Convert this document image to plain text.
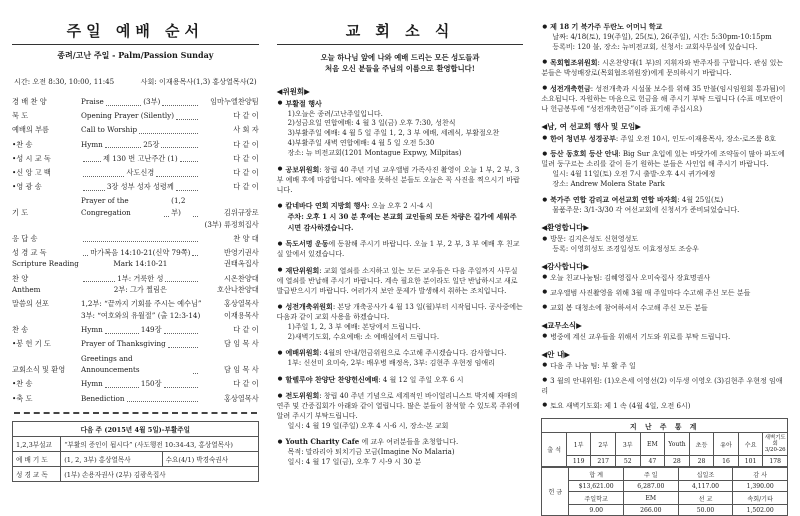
주일 예배 순서
종려/고난 주일 - Palm/Passion Sunday
시간: 오전 8:30, 10:00, 11:45	사회: 이재용목사(1,3) 홍상열목사(2)
경 배 찬 양	Praise	(3부)	임마누엘찬양팀
묵 도	Opening Prayer (Silently)	다 같 이
예배의 부름	Call to Worship	사 회 자
•찬 송	Hymn	25장	다 같 이
•성 시 교 독	제 130 번 고난주간 (1)	다 같 이
•신 앙 고 백	사도신경	다 같 이
•영 광 송	3장 성부 성자 성령께	다 같 이
기 도
Prayer of the Congregation
(1,2부)	김위규장로

(3부) 류정희집사
응 답 송	찬 양 대
성 경 교 독	마가복음 14:10-21(신약 79쪽)	반영기권사
Scripture Reading	Mark 14:10-21	권태옥집사
찬 양	1부: 거룩한 성	시온찬양대
Anthem	2부: 그가 찔림은	호산나찬양대
말씀의 선포	1,2부: “끝까지 기회를 주시는 예수님”	홍상열목사

3부: “여호와의 유월절” (출 12:3-14)	이재용목사
찬 송	Hymn	149장	다 같 이
•봉 헌 기 도	Prayer of Thanksgiving	담 임 목 사
교회소식 및 환영
Greetings and Announcements	담 임 목 사
•찬 송	Hymn	150장	다 같 이
•축 도	Benediction	홍상열목사
다음 주 (2015년 4월 5일)-부활주일		
1,2,3부설교	“부활의 증인이 됩시다” (사도행전 10:34-43, 홍상열목사)	
예 배 기 도	(1, 2, 3부) 홍상열목사	수요(4/1) 박경숙권사
성 경 교 독	(1부) 손용자권사 (2부) 김광옥집사	
교 회 소 식
오늘 하나님 앞에 나와 예배 드리는 모든 성도들과
처음 오신 분들을 주님의 이름으로 환영합니다!
◀위원회▶
● 부활절 행사
1)오늘은 종려/고난주일입니다.
2)성금요일 연합예배: 4 월 3 일(금) 오후 7:30, 성찬식
3)부활주일 예배: 4 월 5 일 주일 1, 2, 3 부 예배, 세례식, 부활절오찬
4)부활주일 새벽 연합예배: 4 월 5 일 오전 5:30
장소: 뉴 비전교회(1201 Montague Expwy, Milpitas)
● 공보위원회: 창립 40 주년 기념 교우앨범 가족사진 촬영이 오늘 1 부, 2 부, 3 부 예배 후에 마감합니다. 예약을 못하신 분들도 오늘은 꼭 사진을 찍으시기 바랍니다.
● 칼네바다 연회 지방회 행사: 오늘 오후 2 시-4 시
주차: 오후 1 시 30 분 후에는 본교회 교인들의 모든 차량은 길가에 세워주시면 감사하겠습니다.
● 독도서명 운동에 동참해 주시기 바랍니다. 오늘 1 부, 2 부, 3 부 예배 후 친교실 앞에서 있겠습니다.
● 재단위원회: 교회 열쇠를 소지하고 있는 모든 교우들은 다음 주일까지 사무실에 열쇠를 반납해 주시기 바랍니다. 계속 필요한 분이라도 일단 반납하시고 새로 발급받으시기 바랍니다. 여러가지 보안 문제가 발생해서 취하는 조치입니다.
● 성전개축위원회: 본당 개축공사가 4 월 13 일(월)부터 시작됩니다. 공사중에는 다음과 같이 교회 사용을 하겠습니다.
1)주일 1, 2, 3 부 예배: 본당에서 드립니다.
2)새벽기도회, 수요예배: 소 예배실에서 드립니다.
● 예배위원회: 4월의 안내/헌금위원으로 수고해 주시겠습니다. 감사합니다.
1부: 신선미 요미숙, 2부: 배우병 배정옥, 3부: 김현주 우현정 임애리
● 할렐루야 찬양단 찬양헌신예배: 4 월 12 일 주일 오후 6 시
● 전도위원회: 창립 40 주년 기념으로 세계적인 바이얼리니스트 박지혜 자매의 연주 및 간증집회가 아래와 같이 열립니다. 많은 분들이 참석할 수 있도록 주위에 알려 주시기 부탁드립니다.
일시: 4 월 19 일(주일) 오후 4 시-6 시, 장소-본 교회
● Youth Charity Cafe 에 교우 여러분들을 초청합니다.
목적: 말라리아 퇴치기금 모금(Imagine No Malaria)
일시: 4 월 17 일(금), 오후 7 시-9 시 30 분
● 제 18 기 북가주 두란노 어머니 학교
날짜: 4/18(토), 19(주일), 25(토), 26(주일), 시간: 5:30pm-10:15pm
등록비: 120 불, 장소: 뉴비전교회, 신청서: 교회사무실에 있습니다.
● 목회협조위원회: 시온찬양대(1 부)의 지휘자와 반주자를 구합니다. 관심 있는 분들은 박성배장로(목회협조위원장)에게 문의하시기 바랍니다.
● 성전개축헌금: 성전개축과 시설물 보수를 위해 35 만불(임시임원회 통과됨)이 소요됩니다. 자원하는 마음으로 헌금을 해 주시기 부탁 드립니다 (수표 메모란이나 헌금봉투에 “성전개축헌금”이라 표기해 주십시요)
◀남, 여 선교회 행사 및 모임▶
● 한어 청년부 성경공부: 주일 오전 10시, 인도-이재용목사, 장소-로즈룸 8호
● 등산 동호회 등산 안내: Big Sur 초입에 있는 바닷가에 조약돌이 많아 파도에 밀려 둥구르는 소리를 같이 듣기 원하는 분들은 사인업 해 주시기 바랍니다.
일시: 4월 11일(토) 오전 7시 출발-오후 4시 귀가예정
장소: Andrew Molera State Park
● 북가주 연합 감리교 여선교회 연합 바자회: 4월 25일(토)
물품주문: 3/1-3/30 각 여선교회에 신청서가 준비되었습니다.
◀환영합니다▶
● 방문: 김지은성도 신현영성도
등록: 이영희성도 조경일성도 이효정성도 조승우
◀감사합니다▶
● 오늘 친교나눔팀: 김혜영집사 오미숙집사 장효명권사
● 교우앨범 사진촬영을 위해 3월 매 주일마다 수고해 주신 모든 분들
● 교회 봄 대청소에 참여하셔서 수고해 주신 모든 분들
◀교무소식▶
● 병중에 계신 교우들을 위해서 기도와 위로를 부탁 드립니다.
◀안 내▶
● 다음 주 나눔 팀: 부 활 주 일
● 3 월의 안내위원: (1)오은세 이영선(2) 이두생 이영오 (3)김현주 우현정 임애리
● 토요 새벽기도회: 제 1 속 (4월 4일, 오전 6시)
지 난 주 통 계									
출 석	1부	2부	3부	EM	Youth	초등	유아	수요	새벽기도회
3/20-26

	119	217	52	47	28	28	16	101	178
헌 금	합 계	주 일	십일조	감 사
	$13,621.00	6,287.00	4,117.00	1,390.00
	주일학교	EM	선 교	속회/기타
	9.00	266.00	50.00	1,502.00
